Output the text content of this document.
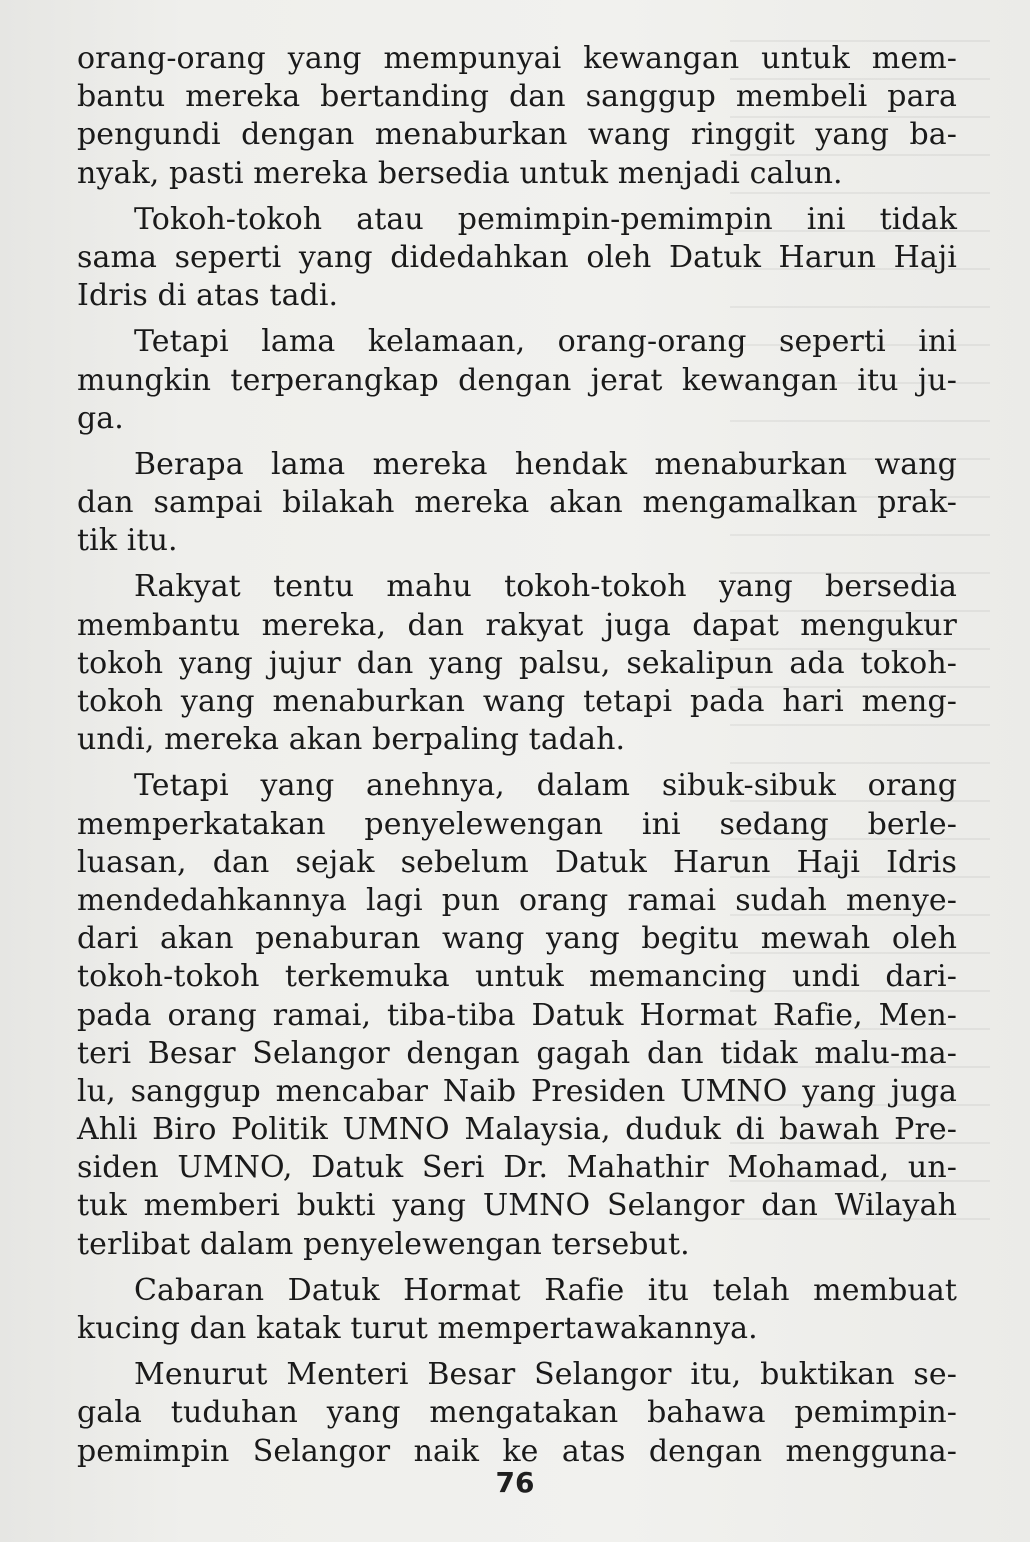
orang-orang yang mempunyai kewangan untuk mem-
bantu mereka bertanding dan sanggup membeli para
pengundi dengan menaburkan wang ringgit yang ba-
nyak, pasti mereka bersedia untuk menjadi calun.
Tokoh-tokoh atau pemimpin-pemimpin ini tidak
sama seperti yang didedahkan oleh Datuk Harun Haji
Idris di atas tadi.
Tetapi lama kelamaan, orang-orang seperti ini
mungkin terperangkap dengan jerat kewangan itu ju-
ga.
Berapa lama mereka hendak menaburkan wang
dan sampai bilakah mereka akan mengamalkan prak-
tik itu.
Rakyat tentu mahu tokoh-tokoh yang bersedia
membantu mereka, dan rakyat juga dapat mengukur
tokoh yang jujur dan yang palsu, sekalipun ada tokoh-
tokoh yang menaburkan wang tetapi pada hari meng-
undi, mereka akan berpaling tadah.
Tetapi yang anehnya, dalam sibuk-sibuk orang
memperkatakan penyelewengan ini sedang berle-
luasan, dan sejak sebelum Datuk Harun Haji Idris
mendedahkannya lagi pun orang ramai sudah menye-
dari akan penaburan wang yang begitu mewah oleh
tokoh-tokoh terkemuka untuk memancing undi dari-
pada orang ramai, tiba-tiba Datuk Hormat Rafie, Men-
teri Besar Selangor dengan gagah dan tidak malu-ma-
lu, sanggup mencabar Naib Presiden UMNO yang juga
Ahli Biro Politik UMNO Malaysia, duduk di bawah Pre-
siden UMNO, Datuk Seri Dr. Mahathir Mohamad, un-
tuk memberi bukti yang UMNO Selangor dan Wilayah
terlibat dalam penyelewengan tersebut.
Cabaran Datuk Hormat Rafie itu telah membuat
kucing dan katak turut mempertawakannya.
Menurut Menteri Besar Selangor itu, buktikan se-
gala tuduhan yang mengatakan bahawa pemimpin-
pemimpin Selangor naik ke atas dengan mengguna-
76
